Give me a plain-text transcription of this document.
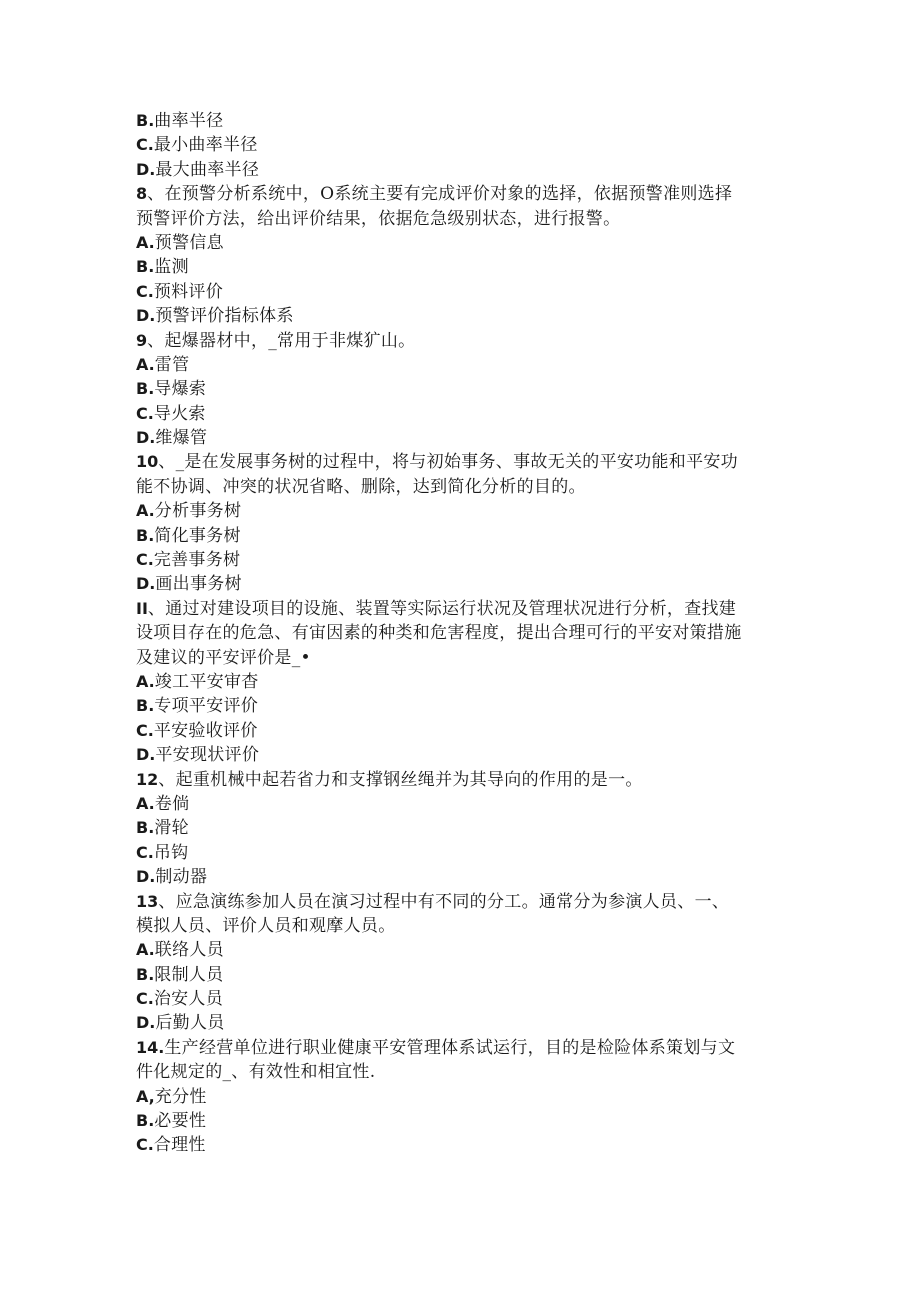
B.曲率半径
C.最小曲率半径
D.最大曲率半径
8、在预警分析系统中，O系统主要有完成评价对象的选择，依据预警准则选择
预警评价方法，给出评价结果，依据危急级别状态，进行报警。
A.预警信息
B.监测
C.预料评价
D.预警评价指标体系
9、起爆器材中，_常用于非煤犷山。
A.雷管
B.导爆索
C.导火索
D.维爆管
10、_是在发展事务树的过程中，将与初始事务、事故无关的平安功能和平安功
能不协调、冲突的状况省略、删除，达到简化分析的目的。
A.分析事务树
B.简化事务树
C.完善事务树
D.画出事务树
II、通过对建设项目的设施、装置等实际运行状况及管理状况进行分析，查找建
设项目存在的危急、有宙因素的种类和危害程度，提出合理可行的平安对策措施
及建议的平安评价是_•
A.竣工平安审杳
B.专项平安评价
C.平安验收评价
D.平安现状评价
12、起重机械中起若省力和支撑钢丝绳并为其导向的作用的是一。
A.卷倘
B.滑轮
C.吊钩
D.制动器
13、应急演练参加人员在演习过程中有不同的分工。通常分为参演人员、一、
模拟人员、评价人员和观摩人员。
A.联络人员
B.限制人员
C.治安人员
D.后勤人员
14.生产经营单位进行职业健康平安管理体系试运行，目的是检险体系策划与文
件化规定的_、有效性和相宜性.
A,充分性
B.必要性
C.合理性
